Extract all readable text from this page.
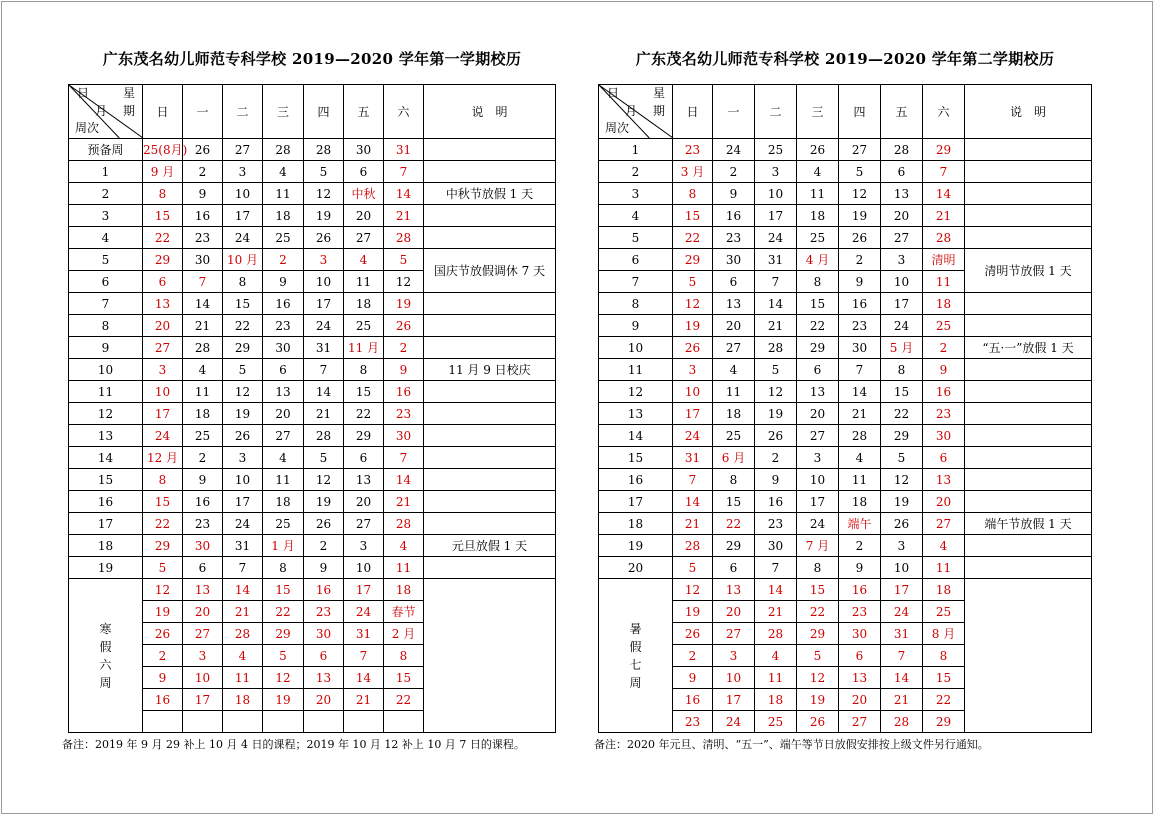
广东茂名幼儿师范专科学校 2019—2020 学年第一学期校历
日 星
期
月
周次	日	一	二	三	四	五	六	说　明
预备周	25(8月)	26	27	28	28	30	31	
1	9 月	2	3	4	5	6	7	
2	8	9	10	11	12	中秋	14	中秋节放假 1 天
3	15	16	17	18	19	20	21	
4	22	23	24	25	26	27	28	
5	29	30	10 月	2	3	4	5	国庆节放假调休 7 天
6	6	7	8	9	10	11	12	
7	13	14	15	16	17	18	19	
8	20	21	22	23	24	25	26	
9	27	28	29	30	31	11 月	2	
10	3	4	5	6	7	8	9	11 月 9 日校庆
11	10	11	12	13	14	15	16	
12	17	18	19	20	21	22	23	
13	24	25	26	27	28	29	30	
14	12 月	2	3	4	5	6	7	
15	8	9	10	11	12	13	14	
16	15	16	17	18	19	20	21	
17	22	23	24	25	26	27	28	
18	29	30	31	1 月	2	3	4	元旦放假 1 天
19	5	6	7	8	9	10	11	

寒假六周	12	13	14	15	16	17	18	
	19	20	21	22	23	24	春节	
	26	27	28	29	30	31	2 月	
	2	3	4	5	6	7	8	
	9	10	11	12	13	14	15	
	16	17	18	19	20	21	22	

备注：2019 年 9 月 29 补上 10 月 4 日的课程；2019 年 10 月 12 补上 10 月 7 日的课程。
广东茂名幼儿师范专科学校 2019—2020 学年第二学期校历
日 星
期
月
周次	日	一	二	三	四	五	六	说　明
1	23	24	25	26	27	28	29	
2	3 月	2	3	4	5	6	7	
3	8	9	10	11	12	13	14	
4	15	16	17	18	19	20	21	
5	22	23	24	25	26	27	28	
6	29	30	31	4 月	2	3	清明	清明节放假 1 天
7	5	6	7	8	9	10	11	
8	12	13	14	15	16	17	18	
9	19	20	21	22	23	24	25	
10	26	27	28	29	30	5 月	2	“五·一”放假 1 天
11	3	4	5	6	7	8	9	
12	10	11	12	13	14	15	16	
13	17	18	19	20	21	22	23	
14	24	25	26	27	28	29	30	
15	31	6 月	2	3	4	5	6	
16	7	8	9	10	11	12	13	
17	14	15	16	17	18	19	20	
18	21	22	23	24	端午	26	27	端午节放假 1 天
19	28	29	30	7 月	2	3	4	
20	5	6	7	8	9	10	11	

暑假七周	12	13	14	15	16	17	18	
	19	20	21	22	23	24	25	
	26	27	28	29	30	31	8 月	
	2	3	4	5	6	7	8	
	9	10	11	12	13	14	15	
	16	17	18	19	20	21	22	
	23	24	25	26	27	28	29	
备注：2020 年元旦、清明、“五一”、端午等节日放假安排按上级文件另行通知。
